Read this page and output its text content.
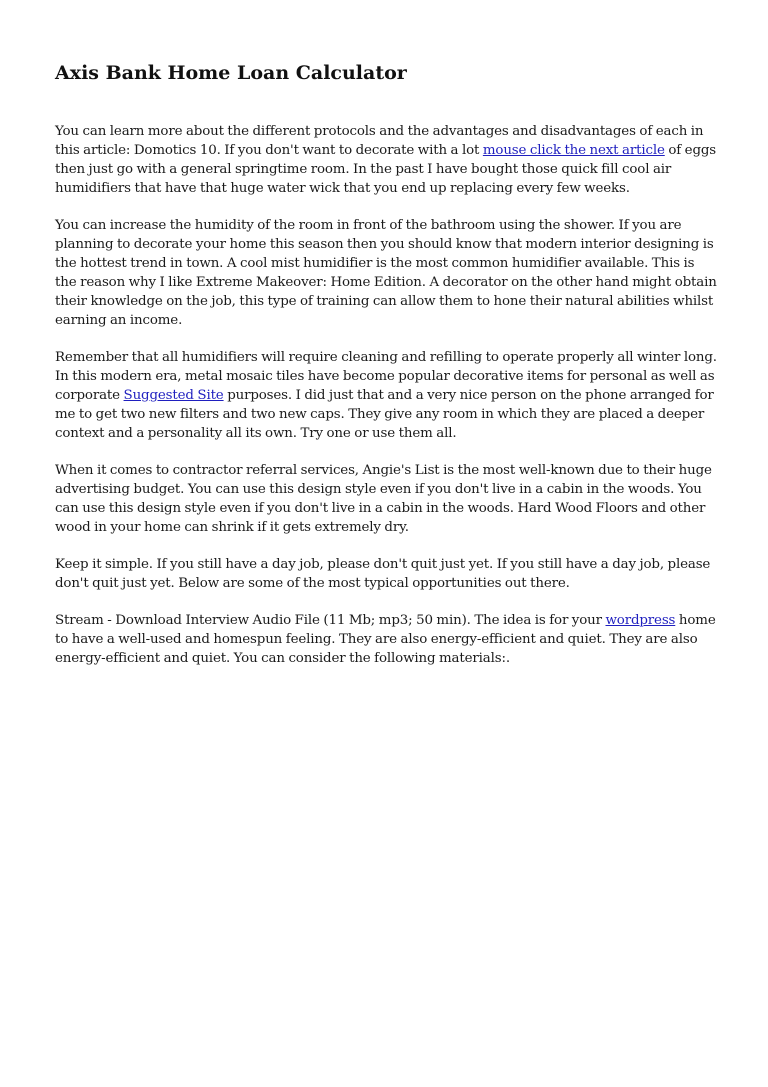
Axis Bank Home Loan Calculator

You can learn more about the different protocols and the advantages and disadvantages of each in this article: Domotics 10. If you don't want to decorate with a lot mouse click the next article of eggs then just go with a general springtime room. In the past I have bought those quick fill cool air humidifiers that have that huge water wick that you end up replacing every few weeks.

You can increase the humidity of the room in front of the bathroom using the shower. If you are planning to decorate your home this season then you should know that modern interior designing is the hottest trend in town. A cool mist humidifier is the most common humidifier available. This is the reason why I like Extreme Makeover: Home Edition. A decorator on the other hand might obtain their knowledge on the job, this type of training can allow them to hone their natural abilities whilst earning an income.

Remember that all humidifiers will require cleaning and refilling to operate properly all winter long. In this modern era, metal mosaic tiles have become popular decorative items for personal as well as corporate Suggested Site purposes. I did just that and a very nice person on the phone arranged for me to get two new filters and two new caps. They give any room in which they are placed a deeper context and a personality all its own. Try one or use them all.

When it comes to contractor referral services, Angie's List is the most well-known due to their huge advertising budget. You can use this design style even if you don't live in a cabin in the woods. You can use this design style even if you don't live in a cabin in the woods. Hard Wood Floors and other wood in your home can shrink if it gets extremely dry.

Keep it simple. If you still have a day job, please don't quit just yet. If you still have a day job, please don't quit just yet. Below are some of the most typical opportunities out there.

Stream - Download Interview Audio File (11 Mb; mp3; 50 min). The idea is for your wordpress home to have a well-used and homespun feeling. They are also energy-efficient and quiet. They are also energy-efficient and quiet. You can consider the following materials:.
